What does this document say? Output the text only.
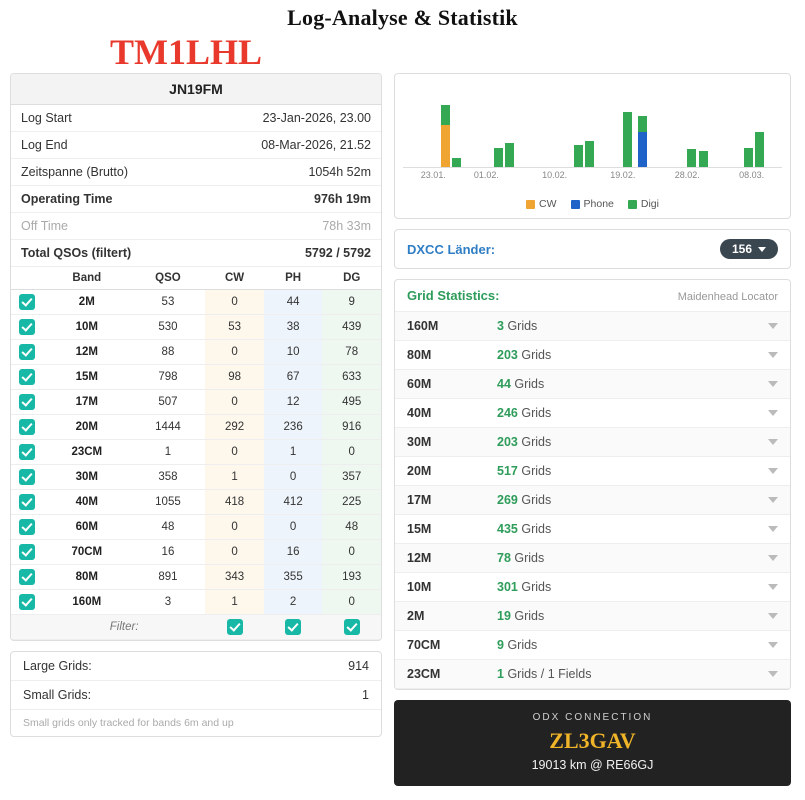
Log-Analyse & Statistik
TM1LHL
JN19FM
Log Start	23-Jan-2026, 23.00
Log End	08-Mar-2026, 21.52
Zeitspanne (Brutto)	1054h 52m
Operating Time	976h 19m
Off Time	78h 33m
Total QSOs (filtert)	5792 / 5792
	Band	QSO	CW	PH	DG
	2M	53	0	44	9
	10M	530	53	38	439
	12M	88	0	10	78
	15M	798	98	67	633
	17M	507	0	12	495
	20M	1444	292	236	916
	23CM	1	0	1	0
	30M	358	1	0	357
	40M	1055	418	412	225
	60M	48	0	0	48
	70CM	16	0	16	0
	80M	891	343	355	193
	160M	3	1	2	0
	Filter:				
Large Grids:	914
Small Grids:	1
Small grids only tracked for bands 6m and up
23.01.	01.02.	10.02.	19.02.	28.02.	08.03.
CW	Phone	Digi
DXCC Länder:	156
Grid Statistics:	Maidenhead Locator
160M	3 Grids
80M	203 Grids
60M	44 Grids
40M	246 Grids
30M	203 Grids
20M	517 Grids
17M	269 Grids
15M	435 Grids
12M	78 Grids
10M	301 Grids
2M	19 Grids
70CM	9 Grids
23CM	1 Grids / 1 Fields
ODX CONNECTION
ZL3GAV
19013 km @ RE66GJ
